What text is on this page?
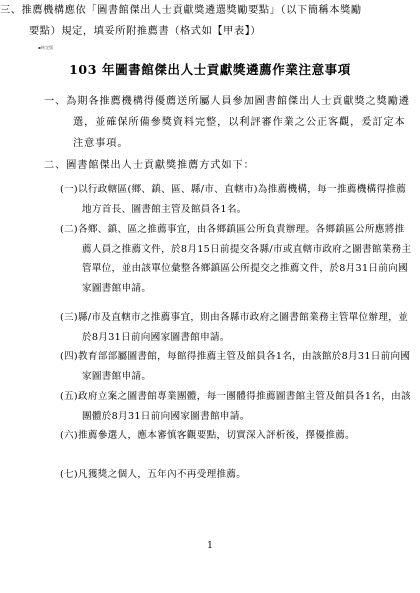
▪核定版
103 年圖書館傑出人士貢獻獎遴薦作業注意事項
一、為期各推薦機構得優薦送所屬人員參加圖書館傑出人士貢獻獎之獎勵遴選，並確保所備參獎資料完整，以利評審作業之公正客觀，爰訂定本注意事項。
二、圖書館傑出人士貢獻獎推薦方式如下：
(一)以行政轄區(鄉、鎮、區、縣/市、直轄市)為推薦機構，每一推薦機構得推薦地方首長、圖書館主管及館員各1名。
(二)各鄉、鎮、區之推薦事宜，由各鄉鎮區公所負責辦理。各鄉鎮區公所應將推薦人員之推薦文件，於8月15日前提交各縣/市或直轄市政府之圖書館業務主管單位，並由該單位彙整各鄉鎮區公所提交之推薦文件，於8月31日前向國家圖書館申請。
(三)縣/市及直轄市之推薦事宜，則由各縣市政府之圖書館業務主管單位辦理，並於8月31日前向國家圖書館申請。
(四)教育部部屬圖書館，每館得推薦主管及館員各1名，由該館於8月31日前向國家圖書館申請。
(五)政府立案之圖書館專業團體，每一團體得推薦圖書館主管及館員各1名，由該團體於8月31日前向國家圖書館申請。
(六)推薦參選人，應本審慎客觀要點，切實深入評析後，擇優推薦。
(七)凡獲獎之個人，五年內不再受理推薦。
三、推薦機構應依「圖書館傑出人士貢獻獎遴選獎勵要點」（以下簡稱本獎勵要點）規定，填妥所附推薦書（格式如【甲表】）
1
